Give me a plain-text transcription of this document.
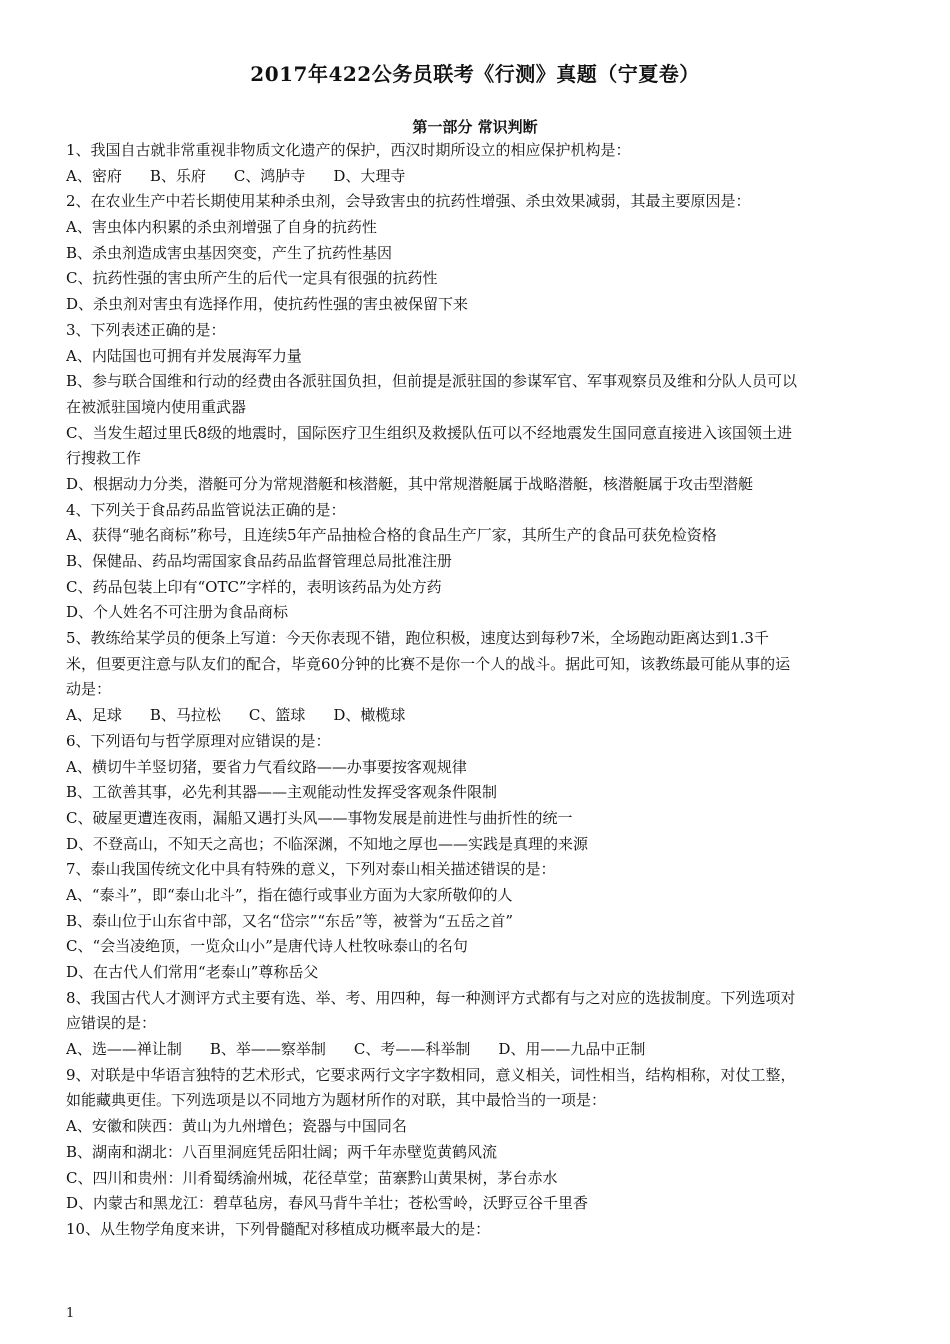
2017年422公务员联考《行测》真题（宁夏卷）
第一部分 常识判断
1、我国自古就非常重视非物质文化遗产的保护，西汉时期所设立的相应保护机构是：
A、密府 B、乐府 C、鸿胪寺 D、大理寺
2、在农业生产中若长期使用某种杀虫剂，会导致害虫的抗药性增强、杀虫效果减弱，其最主要原因是：
A、害虫体内积累的杀虫剂增强了自身的抗药性
B、杀虫剂造成害虫基因突变，产生了抗药性基因
C、抗药性强的害虫所产生的后代一定具有很强的抗药性
D、杀虫剂对害虫有选择作用，使抗药性强的害虫被保留下来
3、下列表述正确的是：
A、内陆国也可拥有并发展海军力量
B、参与联合国维和行动的经费由各派驻国负担，但前提是派驻国的参谋军官、军事观察员及维和分队人员可以
在被派驻国境内使用重武器
C、当发生超过里氏8级的地震时，国际医疗卫生组织及救援队伍可以不经地震发生国同意直接进入该国领土进
行搜救工作
D、根据动力分类，潜艇可分为常规潜艇和核潜艇，其中常规潜艇属于战略潜艇，核潜艇属于攻击型潜艇
4、下列关于食品药品监管说法正确的是：
A、获得“驰名商标”称号，且连续5年产品抽检合格的食品生产厂家，其所生产的食品可获免检资格
B、保健品、药品均需国家食品药品监督管理总局批准注册
C、药品包装上印有“OTC”字样的，表明该药品为处方药
D、个人姓名不可注册为食品商标
5、教练给某学员的便条上写道：今天你表现不错，跑位积极，速度达到每秒7米，全场跑动距离达到1.3千
米，但要更注意与队友们的配合，毕竟60分钟的比赛不是你一个人的战斗。据此可知，该教练最可能从事的运
动是：
A、足球 B、马拉松 C、篮球 D、橄榄球
6、下列语句与哲学原理对应错误的是：
A、横切牛羊竖切猪，要省力气看纹路——办事要按客观规律
B、工欲善其事，必先利其器——主观能动性发挥受客观条件限制
C、破屋更遭连夜雨，漏船又遇打头风——事物发展是前进性与曲折性的统一
D、不登高山，不知天之高也；不临深渊，不知地之厚也——实践是真理的来源
7、泰山我国传统文化中具有特殊的意义，下列对泰山相关描述错误的是：
A、“泰斗”，即“泰山北斗”，指在德行或事业方面为大家所敬仰的人
B、泰山位于山东省中部，又名“岱宗”“东岳”等，被誉为“五岳之首”
C、“会当凌绝顶，一览众山小”是唐代诗人杜牧咏泰山的名句
D、在古代人们常用“老泰山”尊称岳父
8、我国古代人才测评方式主要有选、举、考、用四种，每一种测评方式都有与之对应的选拔制度。下列选项对
应错误的是：
A、选——禅让制 B、举——察举制 C、考——科举制 D、用——九品中正制
9、对联是中华语言独特的艺术形式，它要求两行文字字数相同，意义相关，词性相当，结构相称，对仗工整，
如能藏典更佳。下列选项是以不同地方为题材所作的对联，其中最恰当的一项是：
A、安徽和陕西：黄山为九州增色；瓷器与中国同名
B、湖南和湖北：八百里洞庭凭岳阳壮阔；两千年赤壁览黄鹤风流
C、四川和贵州：川肴蜀绣渝州城，花径草堂；苗寨黔山黄果树，茅台赤水
D、内蒙古和黑龙江：碧草毡房，春风马背牛羊壮；苍松雪岭，沃野豆谷千里香
10、从生物学角度来讲，下列骨髓配对移植成功概率最大的是：
1
